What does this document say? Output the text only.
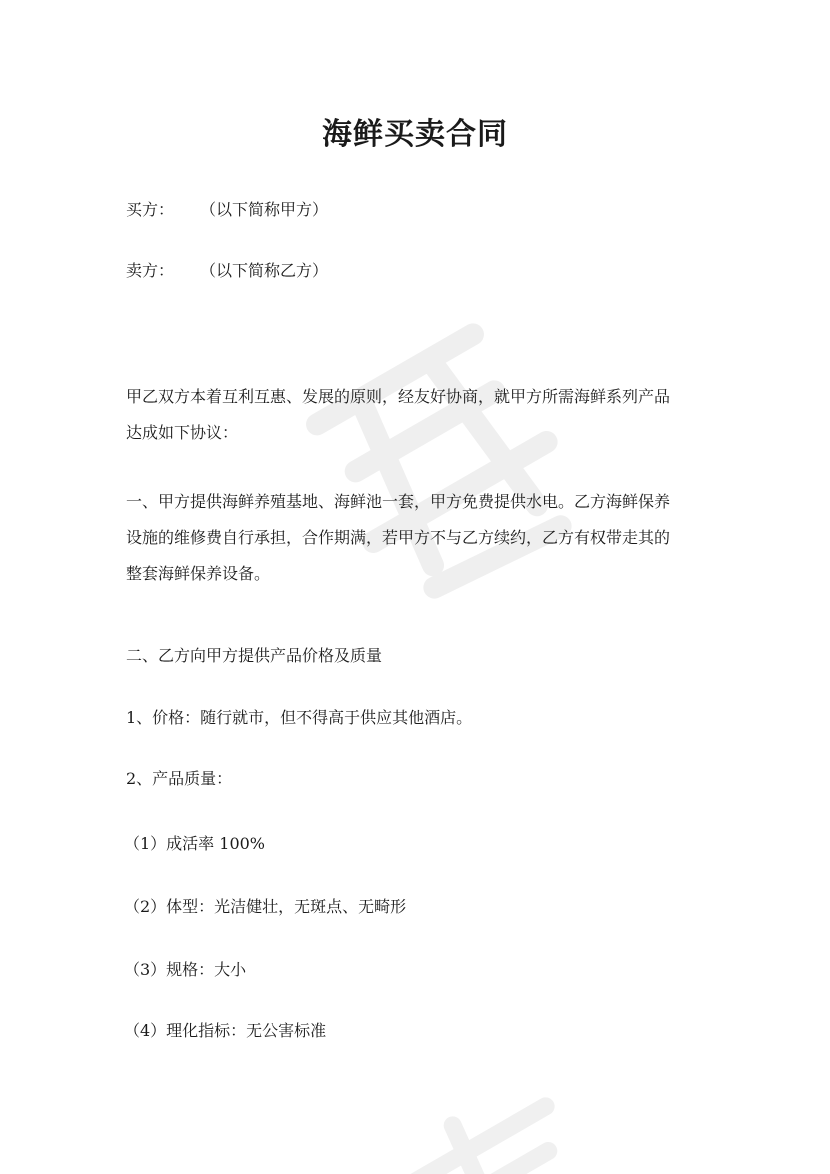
海鲜买卖合同
买方： （以下简称甲方）
卖方： （以下简称乙方）
甲乙双方本着互利互惠、发展的原则，经友好协商，就甲方所需海鲜系列产品
达成如下协议：
一、甲方提供海鲜养殖基地、海鲜池一套，甲方免费提供水电。乙方海鲜保养
设施的维修费自行承担，合作期满，若甲方不与乙方续约，乙方有权带走其的
整套海鲜保养设备。
二、乙方向甲方提供产品价格及质量
1、价格：随行就市，但不得高于供应其他酒店。
2、产品质量：
（1）成活率 100%
（2）体型：光洁健壮，无斑点、无畸形
（3）规格：大小
（4）理化指标：无公害标准
